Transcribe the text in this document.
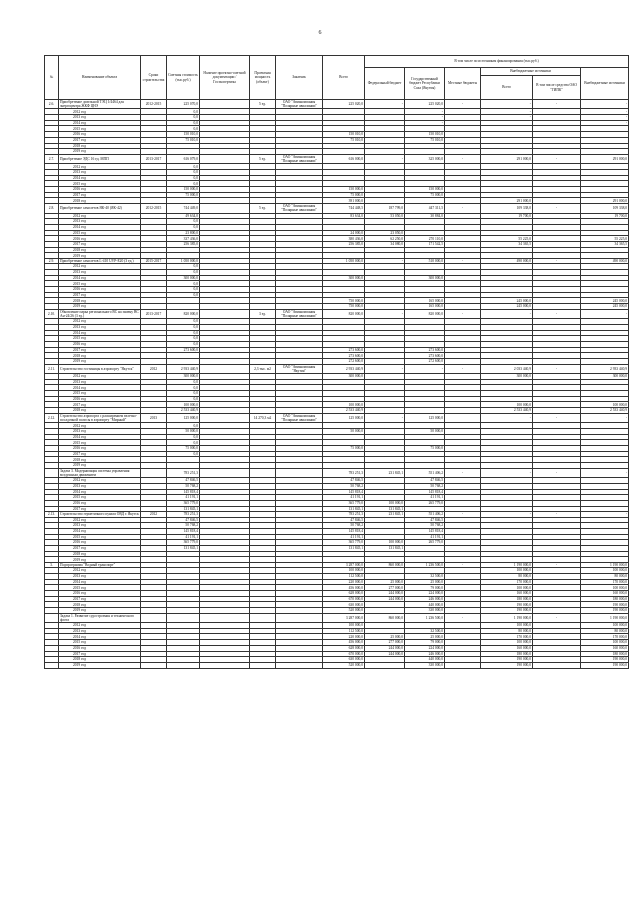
6
№	Наименование объекта	Сроки строительства	Сметная стоимость (тыс.руб.)	Наличие проектно-сметной документации / Госэкспертизы	Проектная мощность (объект)	Заказчик	Всего	В том числе по источникам финансирования (тыс.руб.)					
								Федеральный бюджет	Государственный бюджет Республики Саха (Якутия)	Местные бюджеты	Внебюджетные источники		Внебюджетные источники
											Всего	В том числе средства ОАО "ГИПК"	
2.6.	Приобретение дизельной ТЭЦ 1/4464 для энергоцентра ЖКФ ЦНЭ	2012-2015	225 070,0		5 ед.	ОАО "Авиакомпания "Полярные авиалинии"	225 020,0	-	225 020,0	-	-	-	-
	2012 год		0,0						-		-		-
	2013 год		0,0						-		-		-
	2014 год		0,0						-				-
	2015 год		0,0										
	2016 год		150 010,0				150 010,0		150 010,0				
	2017 год		75 010,0				75 010,0		75 010,0				
	2018 год												
	2019 год												
2.7.	Приобретение ЭДС 16 ед. МПП	2013-2017	616 079,0		5 ед.	ОАО "Авиакомпания "Полярные авиалинии"	616 000,0	-	325 000,0	-	291 000,0	-	291 000,0
	2012 год		0,0										
	2013 год		0,0										
	2014 год		0,0										
	2015 год		0,0										
	2016 год		150 000,0				150 000,0		150 000,0				
	2017 год		75 000,0				75 000,0		75 000,0				
	2018 год						391 000,0				291 000,0		291 000,0
2.8.	Приобретение самолетов ЯК-40 (ЯК-42)	2012-2015	744 449,0		5 ед.	ОАО "Авиакомпания "Полярные авиалинии"	744 448,5	187 799,0	447 311,5	-	109 338,0	-	109 338,0
	2012 год		49 634,0				83 634,0	53 050,0	30 884,0		19 700,0		19 700,0
	2013 год		0,0										
	2014 год		0,0										
	2015 год		23 800,0				24 000,0	23 050,0					
	2016 год		337 436,0				380 436,0	62 250,0	270 110,0		55 225,0		55 225,0
	2017 год		256 385,0				256 385,0	34 080,0	171 542,5		34 365,5		34 365,5
	2018 год												
	2019 год												
2.9.	Приобретение самолетов L-410 UVP-E20 (3 ед.)	2015-2017	1 050 000,0				1 050 000,0	-	510 000,0	-	490 000,0	-	490 000,0
	2012 год		0,0										
	2013 год		0,0										
	2014 год		300 000,0				300 000,0		300 000,0				
	2015 год		0,0										
	2016 год		0,0										
	2017 год		0,0										
	2018 год						750 000,0		165 000,0		245 000,0		245 000,0
	2019 год						750 000,0		165 000,0		245 000,0		245 000,0
2.10.	Обновление парка регионального ВС на замену ВС Ан-24/26 (3 ед.)	2013-2017	820 000,0		3 ед.	ОАО "Авиакомпания "Полярные авиалинии"	820 000,0	-	820 000,0	-	-	-	-
	2012 год		0,0										
	2013 год		0,0										
	2014 год		0,0										
	2015 год		0,0										
	2016 год		0,0										
	2017 год		273 600,0				273 600,0		273 600,0				
	2018 год						273 600,0		273 600,0				
	2019 год						272 600,0		272 600,0				
2.11.	Строительство гостиницы в аэропорту "Якутск"	2012	2 933 440,9		2,3 тыс. м2	ОАО "Авиакомпания "Якутия"	2 933 440,9	-	-	-	2 033 440,9	-	2 933 440,9
	2012 год		300 000,0				300 000,0				300 000,0		300 000,0
	2013 год		0,0										
	2014 год		0,0										
	2015 год		0,0										
	2016 год		0,0										
	2017 год		100 000,0				100 000,0				100 000,0		100 000,0
	2018 год		2 533 440,9				2 533 440,9				2 533 440,9		2 533 440,9
2.12.	Строительство аэропорта с расширением взлетно-посадочной полосы в аэропорту "Мирный"	2013	125 000,0		14 270,3 м2	ОАО "Авиакомпания "Полярные авиалинии"	125 000,0	-	125 000,0		-	-	-
	2012 год		0,0										
	2013 год		50 000,0				50 000,0		50 000,0				
	2014 год		0,0										
	2015 год		0,0										
	2016 год		75 000,0				75 000,0		75 000,0				
	2017 год		0,0										
	2018 год												
	2019 год												
	Задача 3. Модернизация системы управления воздушным движением		783 251,3				783 251,3	231 845,1	551 406,2	-	-	-	-
	2012 год		47 846,5				47 846,5		47 846,5				
	2013 год		50 768,2				50 768,2		50 768,2				
	2014 год		145 818,4				145 818,4		145 818,4				
	2015 год		41 191,1				41 191,1		41 191,1				
	2016 год		365 779,0				365 779,0	100 000,0	265 779,0				
	2017 год		131 845,1				131 845,1	131 845,1					
2.13.	Строительство герметичного пункта ОВД г. Якутск	2012	783 251,3				783 251,3	231 845,1	551 406,2	-	-	-	-
	2012 год		47 846,5				47 846,5		47 846,5				
	2013 год		50 768,2				50 768,2		50 768,2				
	2014 год		145 818,4				145 818,4		145 818,4				
	2015 год		41 191,1				41 191,1		41 191,1				
	2016 год		365 779,0				365 779,0	100 000,0	265 779,0				
	2017 год		131 845,1				131 845,1	131 845,1					
	2018 год												
	2019 год												
3.	Подпрограмма "Водный транспорт"						3 287 000,0	860 000,0	1 236 500,0	-	1 190 000,0	-	1 190 000,0
	2012 год						100 000,0				100 000,0		100 000,0
	2013 год						112 500,0		32 500,0		80 000,0		80 000,0
	2014 год						220 000,0	25 000,0	25 000,0		170 000,0		170 000,0
	2015 год						456 000,0	277 000,0	79 000,0		100 000,0		100 000,0
	2016 год						628 000,0	244 000,0	224 000,0		160 000,0		160 000,0
	2017 год						670 000,0	244 000,0	246 000,0		180 000,0		180 000,0
	2018 год						630 000,0		440 000,0		190 000,0		190 000,0
	2019 год						520 000,0		330 000,0		190 000,0		190 000,0
	Задача 1. Развитие судостроения и технического флота						3 287 000,0	860 000,0	1 236 500,0	-	1 190 000,0	-	1 190 000,0
	2012 год						100 000,0				100 000,0		100 000,0
	2013 год						112 500,0		32 500,0		80 000,0		80 000,0
	2014 год						220 000,0	25 000,0	25 000,0		170 000,0		170 000,0
	2015 год						456 000,0	277 000,0	79 000,0		100 000,0		100 000,0
	2016 год						628 000,0	244 000,0	224 000,0		160 000,0		160 000,0
	2017 год						670 000,0	244 000,0	246 000,0		180 000,0		180 000,0
	2018 год						630 000,0		440 000,0		190 000,0		190 000,0
	2019 год						520 000,0		330 000,0		190 000,0		190 000,0
